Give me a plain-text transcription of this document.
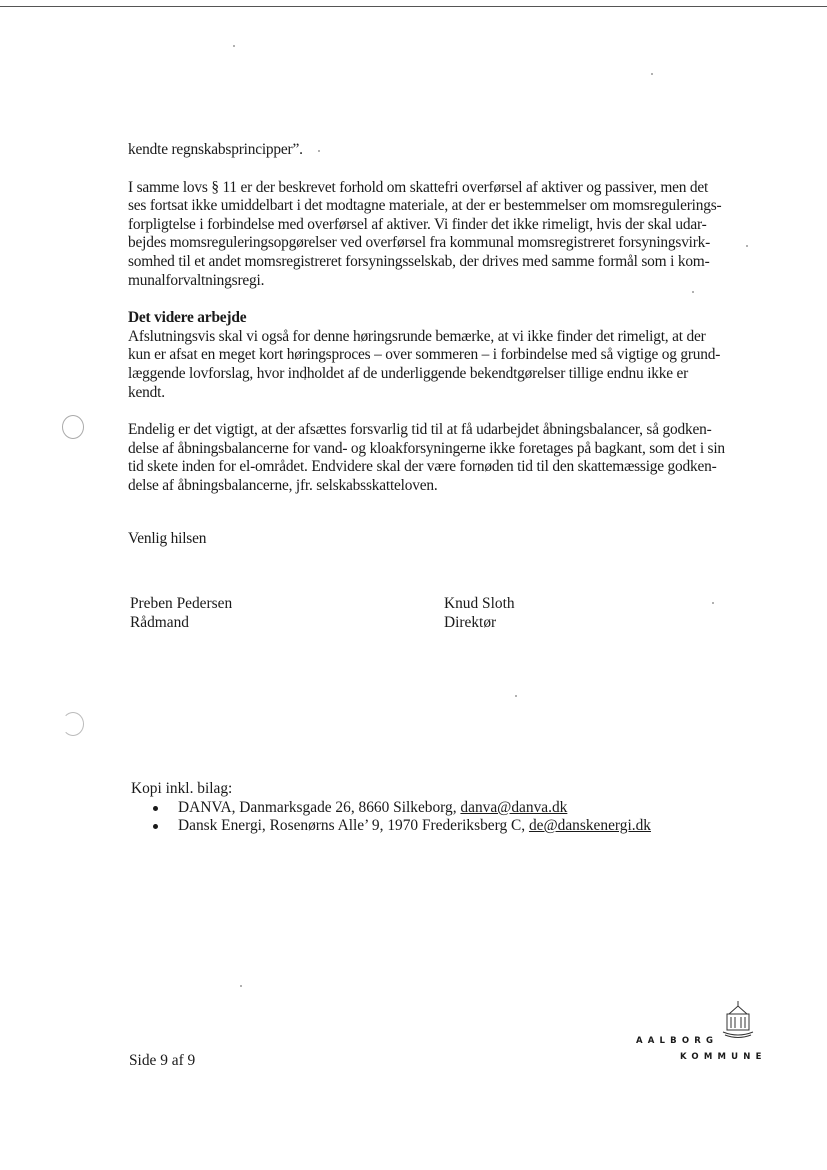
kendte regnskabsprincipper”.

I samme lovs § 11 er der beskrevet forhold om skattefri overførsel af aktiver og passiver, men det
ses fortsat ikke umiddelbart i det modtagne materiale, at der er bestemmelser om momsregulerings-
forpligtelse i forbindelse med overførsel af aktiver. Vi finder det ikke rimeligt, hvis der skal udar-
bejdes momsreguleringsopgørelser ved overførsel fra kommunal momsregistreret forsyningsvirk-
somhed til et andet momsregistreret forsyningsselskab, der drives med samme formål som i kom-
munalforvaltningsregi.

Det videre arbejde

Afslutningsvis skal vi også for denne høringsrunde bemærke, at vi ikke finder det rimeligt, at der
kun er afsat en meget kort høringsproces – over sommeren – i forbindelse med så vigtige og grund-
læggende lovforslag, hvor indholdet af de underliggende bekendtgørelser tillige endnu ikke er
kendt.

Endelig er det vigtigt, at der afsættes forsvarlig tid til at få udarbejdet åbningsbalancer, så godken-
delse af åbningsbalancerne for vand- og kloakforsyningerne ikke foretages på bagkant, som det i sin
tid skete inden for el-området. Endvidere skal der være fornøden tid til den skattemæssige godken-
delse af åbningsbalancerne, jfr. selskabsskatteloven.

Venlig hilsen

Preben Pedersen
Rådmand
Knud Sloth
Direktør
Kopi inkl. bilag:
DANVA, Danmarksgade 26, 8660 Silkeborg, danva@danva.dk
Dansk Energi, Rosenørns Alle’ 9, 1970 Frederiksberg C, de@danskenergi.dk
Side 9 af 9
AALBORG
KOMMUNE
